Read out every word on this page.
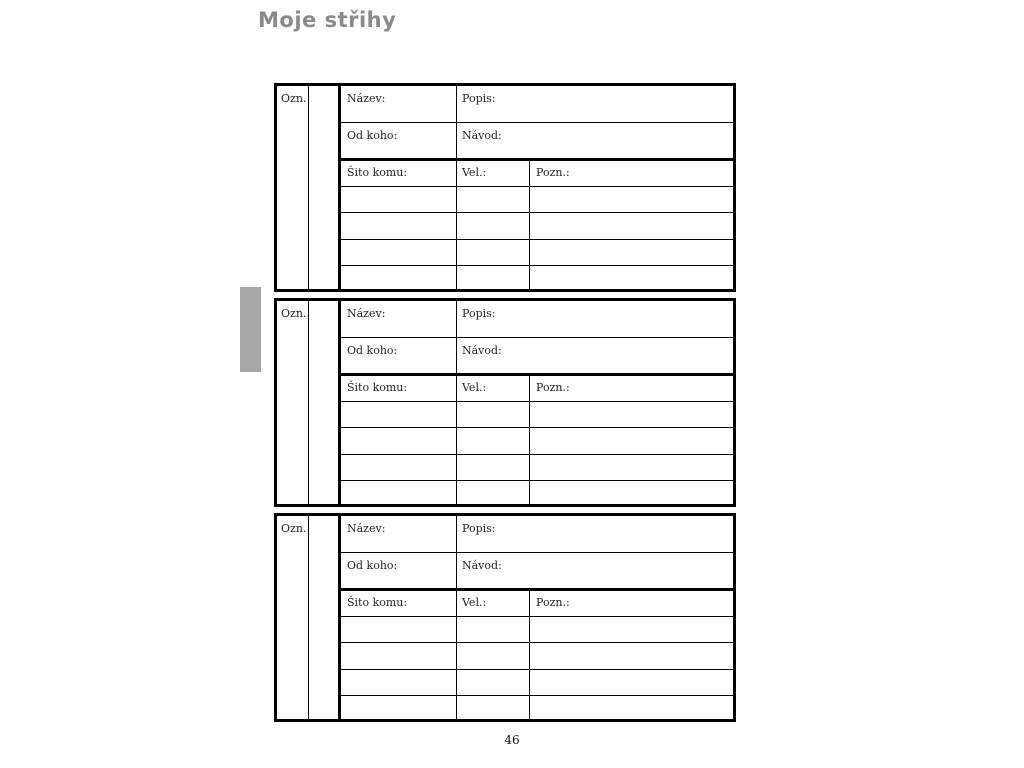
Moje střihy
Ozn.	Název:	Popis:
Od koho:	Návod:
Šito komu:	Vel.:	Pozn.:
Ozn.	Název:	Popis:
Od koho:	Návod:
Šito komu:	Vel.:	Pozn.:
Ozn.	Název:	Popis:
Od koho:	Návod:
Šito komu:	Vel.:	Pozn.:
46
